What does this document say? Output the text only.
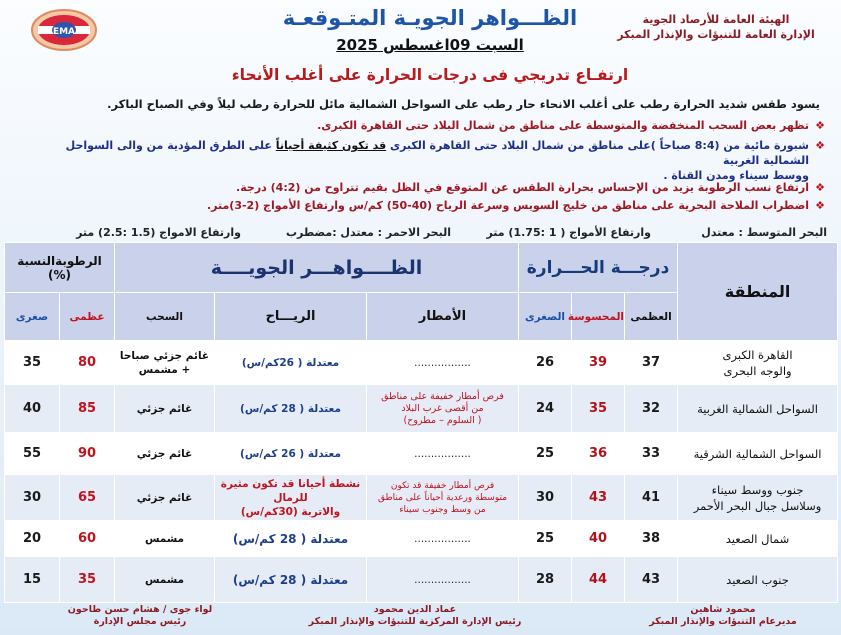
الهيئة العامة للأرصاد الجوية
الإدارة العامة للتنبؤات والإنذار المبكر
الظـــواهر الجويـة المتـوقعـة
السبت 09اغسطس 2025
EMA
ارتفـاع تدريجي فى درجات الحرارة على أغلب الأنحاء
يسود طقس شديد الحرارة رطب على أغلب الانحاء حار رطب على السواحل الشمالية مائل للحرارة رطب ليلاً وفي الصباح الباكر.
❖
تظهر بعض السحب المنخفضة والمتوسطة على مناطق من شمال البلاد حتى القاهرة الكبرى.
❖
شبورة مائية من (8:4 صباحاً )على مناطق من شمال البلاد حتى القاهرة الكبرى قد تكون كثيفة أحياناً على الطرق المؤدية من والى السواحل الشمالية الغربية
ووسط سيناء ومدن القناة .
❖
ارتفاع نسب الرطوبة يزيد من الإحساس بحرارة الطقس عن المتوقع في الظل بقيم تتراوح من (4:2) درجة.
❖
اضطراب الملاحة البحرية على مناطق من خليج السويس وسرعة الرياح (40-50) كم/س وارتفاع الأمواج (2-3)متر.
البحر المتوسط : معتدل
وارتفاع الأمواج ( 1 :1.75) متر
البحر الاحمر : معتدل :مضطرب
وارتفاع الامواج (1.5 :2.5) متر
المنطقة	درجـــة الحـــرارة			الظــــواهـــر الجويــــة			الرطوبةالنسبة (%)	
	العظمى	المحسوسة	الصغرى	الأمطار	الريـــاح	السحب	عظمى	صغرى
القاهرة الكبرى
والوجه البحرى	37	39	26	.................	معتدلة ( 26كم/س)	غائم جزئي صباحا
+ مشمس	80	35
السواحل الشمالية الغربية	32	35	24	فرص أمطار خفيفة على مناطق
من أقصى غرب البلاد
( السلوم – مطروح)	معتدلة ( 28 كم/س)	غائم جزئي	85	40
السواحل الشمالية الشرقية	33	36	25	.................	معتدلة ( 26 كم/س)	غائم جزئي	90	55
جنوب ووسط سيناء
وسلاسل جبال البحر الأحمر	41	43	30	فرص أمطار خفيفة قد تكون
متوسطة ورعدية أحياناً على مناطق
من وسط وجنوب سيناء	نشطة أحيانا قد تكون مثيرة للرمال
والاتربة (30كم/س)	غائم جزئي	65	30
شمال الصعيد	38	40	25	.................	معتدلة ( 28 كم/س)	مشمس	60	20
جنوب الصعيد	43	44	28	.................	معتدلة ( 28 كم/س)	مشمس	35	15
محمود شاهين
مديرعام التنبؤات والإنذار المبكر
عماد الدين محمود
رئيس الإدارة المركزية للتنبؤات والإنذار المبكر
لواء جوى / هشام حسن طاحون
رئيس مجلس الإدارة
